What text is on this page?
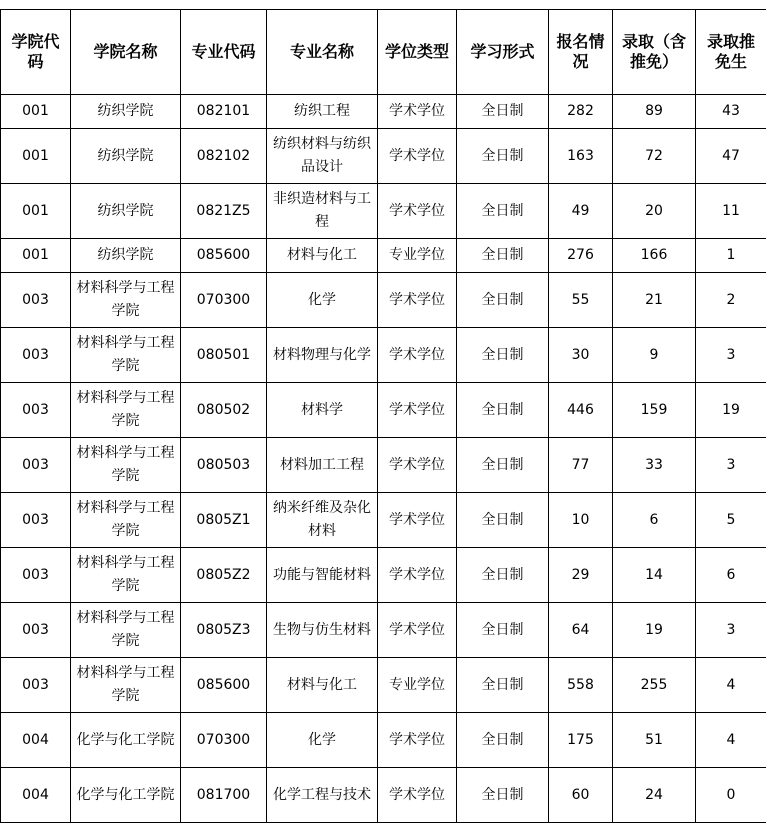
学院代码	学院名称	专业代码	专业名称	学位类型	学习形式	报名情况	录取（含推免）	录取推免生
001	纺织学院	082101	纺织工程	学术学位	全日制	282	89	43
001	纺织学院	082102	纺织材料与纺织品设计	学术学位	全日制	163	72	47
001	纺织学院	0821Z5	非织造材料与工程	学术学位	全日制	49	20	11
001	纺织学院	085600	材料与化工	专业学位	全日制	276	166	1
003	材料科学与工程学院	070300	化学	学术学位	全日制	55	21	2
003	材料科学与工程学院	080501	材料物理与化学	学术学位	全日制	30	9	3
003	材料科学与工程学院	080502	材料学	学术学位	全日制	446	159	19
003	材料科学与工程学院	080503	材料加工工程	学术学位	全日制	77	33	3
003	材料科学与工程学院	0805Z1	纳米纤维及杂化材料	学术学位	全日制	10	6	5
003	材料科学与工程学院	0805Z2	功能与智能材料	学术学位	全日制	29	14	6
003	材料科学与工程学院	0805Z3	生物与仿生材料	学术学位	全日制	64	19	3
003	材料科学与工程学院	085600	材料与化工	专业学位	全日制	558	255	4
004	化学与化工学院	070300	化学	学术学位	全日制	175	51	4
004	化学与化工学院	081700	化学工程与技术	学术学位	全日制	60	24	0
